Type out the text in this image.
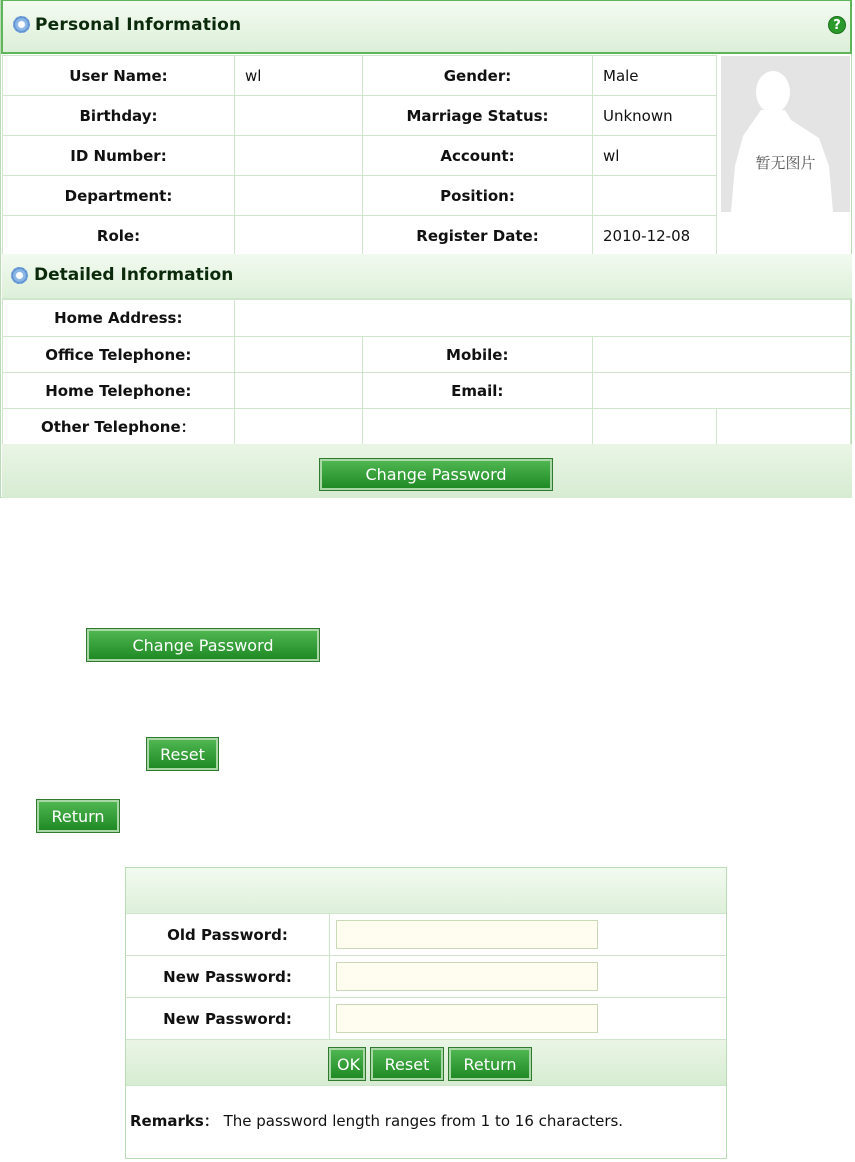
Personal Information	?
User Name:	wl	Gender:	Male
Birthday:		Marriage Status:	Unknown
ID Number:		Account:	wl
Department:		Position:	
Role:		Register Date:	2010-12-08
暂无图片
Detailed Information
Home Address:				
Office Telephone:		Mobile:		
Home Telephone:		Email:		
Other Telephone：				
Change Password
Change Password
Reset
Return
Old Password:
New Password:
New Password:
OK	Reset	Return
Remarks： The password length ranges from 1 to 16 characters.
